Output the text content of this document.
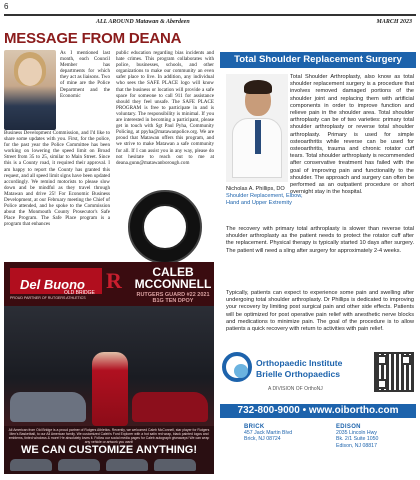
6
ALL AROUND Matawan & Aberdeen	MARCH 2023
MESSAGE FROM DEANA

As I mentioned last month, each Council Member has departments for which they act as liaisons. Two of mine are the Police Department and the Economic

Business Development Commission, and I'd like to share some updates with you. First, for the police, for the past year the Police Committee has been working on lowering the speed limit on Broad Street from 35 to 25, similar to Main Street. Since this is a County road, it required their approval. I am happy to report the County has granted this request, and all speed limit signs have been updated accordingly. We remind motorists to please slow down and be mindful as they travel through Matawan and drive 25! For Economic Business Development, at our February meeting the Chief of Police attended, and he spoke to the Commission about the Monmouth County Prosecutor's Safe Place Program. The Safe Place program is a program that enhances

public education regarding bias incidents and hate crimes. This program collaborates with police, businesses, schools, and other organizations to make our community an even safer place to live. In addition, any individual who sees the SAFE PLACE logo will know that the business or location will provide a safe space for someone to call 911 for assistance should they feel unsafe. The SAFE PLACE PROGRAM is free to participate in and is voluntary. The responsibility is minimal. If you are interested in becoming a participant, please get in touch with Sgt Paul Pyha, Community Policing, at ppyha@matawanpolice.org. We are proud that Matawan offers this program, and we strive to make Matawan a safe community for all. If I can assist you in any way, please do not hesitate to reach out to me at deana.gunn@matawanborough.com

Del Buono
OLD BRIDGE
PROUD PARTNER OF RUTGERS ATHLETICS
R	CALEB MCCONNELL
RUTGERS GUARD #22 2021 B1G TEN DPOY

All American from Old Bridge is a proud partner of Rutgers Athletics. Recently, we welcomed Caleb McConnell, star player for Rutgers Men's Basketball, to our All American family. We customized Caleb's Ford Explorer with a hot satin red wrap, black painted logos and emblems, tinted windows & more! He absolutely loves it. Follow our social media pages for Caleb autograph giveaways! We can wrap any vehicle or artwork you want!

WE CAN CUSTOMIZE ANYTHING!
Total Shoulder Replacement Surgery
Nicholas A. Phillips, DO
Shoulder Replacement, Elbow, Hand and Upper Extremity

Total Shoulder Arthroplasty, also know as total shoulder replacement surgery is a procedure that involves removed damaged portions of the shoulder joint and replacing them with artificial components in order to improve function and relieve pain in the shoulder area. Total shoulder arthroplasty can be of two varieties: primary total shoulder arthroplasty or reverse total shoulder arthroplasty. Primary is used for simple osteoarthritis while reverse can be used for osteoarthritis, trauma and chronic rotator cuff tears. Total shoulder arthroplasty is recommended after conservative treatment has failed with the goal of improving pain and functionality to the shoulder. The approach and surgery can often be performed as an outpatient procedure or short overnight stay in the hospital.

The recovery with primary total arthroplasty is slower than reverse total shoulder arthroplasty as the patient needs to protect the rotator cuff after the replacement. Physical therapy is typically started 10 days after surgery. The patient will need a sling after surgery for approximately 2-4 weeks.

Typically, patients can expect to experience some pain and swelling after undergoing total shoulder arthroplasty. Dr Phillips is dedicated to improving your recovery by limiting post surgical pain and other side effects. Patients will be optimized for post operative pain relief with anesthetic nerve blocks and medications to minimize pain. The goal of the procedure is to allow patients a quick recovery with return to activities with pain relief.

Orthopaedic Institute
Brielle Orthopaedics
A DIVISION OF OrthoNJ
732-800-9000 • www.oibortho.com
BRICK
457 Jack Martin Blvd
Brick, NJ 08724
EDISON
2035 Lincoln Hwy
Bk. 2/1 Suite 1050
Edison, NJ 08817
